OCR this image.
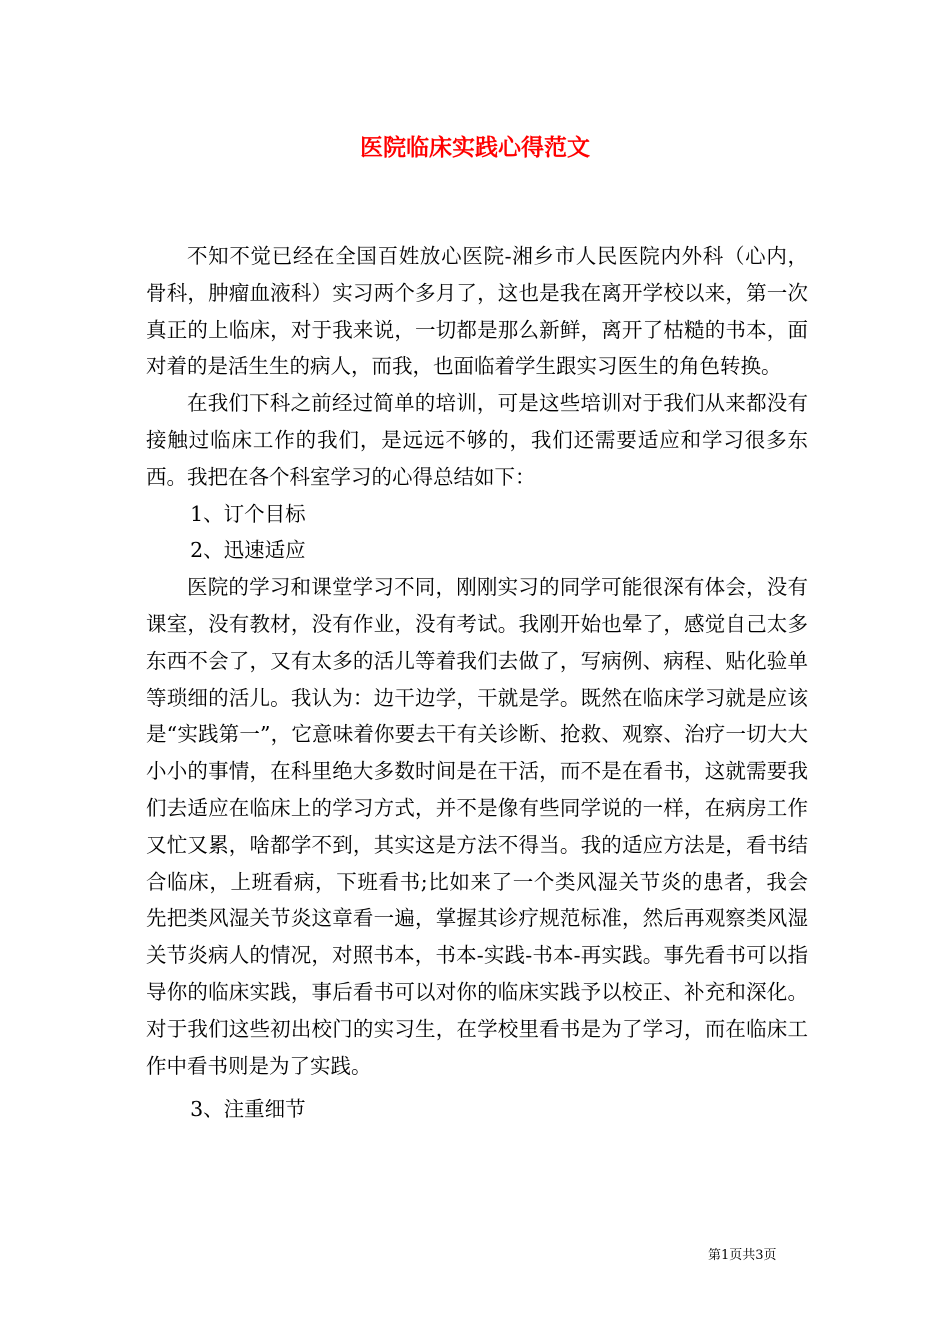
医院临床实践心得范文

不知不觉已经在全国百姓放心医院-湘乡市人民医院内外科（心内，骨科，肿瘤血液科）实习两个多月了，这也是我在离开学校以来，第一次真正的上临床，对于我来说，一切都是那么新鲜，离开了枯糙的书本，面对着的是活生生的病人，而我，也面临着学生跟实习医生的角色转换。

在我们下科之前经过简单的培训，可是这些培训对于我们从来都没有接触过临床工作的我们，是远远不够的，我们还需要适应和学习很多东西。我把在各个科室学习的心得总结如下：

1、订个目标

2、迅速适应

医院的学习和课堂学习不同，刚刚实习的同学可能很深有体会，没有课室，没有教材，没有作业，没有考试。我刚开始也晕了，感觉自己太多东西不会了，又有太多的活儿等着我们去做了，写病例、病程、贴化验单等琐细的活儿。我认为：边干边学，干就是学。既然在临床学习就是应该是“实践第一”，它意味着你要去干有关诊断、抢救、观察、治疗一切大大小小的事情，在科里绝大多数时间是在干活，而不是在看书，这就需要我们去适应在临床上的学习方式，并不是像有些同学说的一样，在病房工作又忙又累，啥都学不到，其实这是方法不得当。我的适应方法是，看书结合临床，上班看病，下班看书;比如来了一个类风湿关节炎的患者，我会先把类风湿关节炎这章看一遍，掌握其诊疗规范标准，然后再观察类风湿关节炎病人的情况，对照书本，书本-实践-书本-再实践。事先看书可以指导你的临床实践，事后看书可以对你的临床实践予以校正、补充和深化。对于我们这些初出校门的实习生，在学校里看书是为了学习，而在临床工作中看书则是为了实践。

3、注重细节

第1页共3页
